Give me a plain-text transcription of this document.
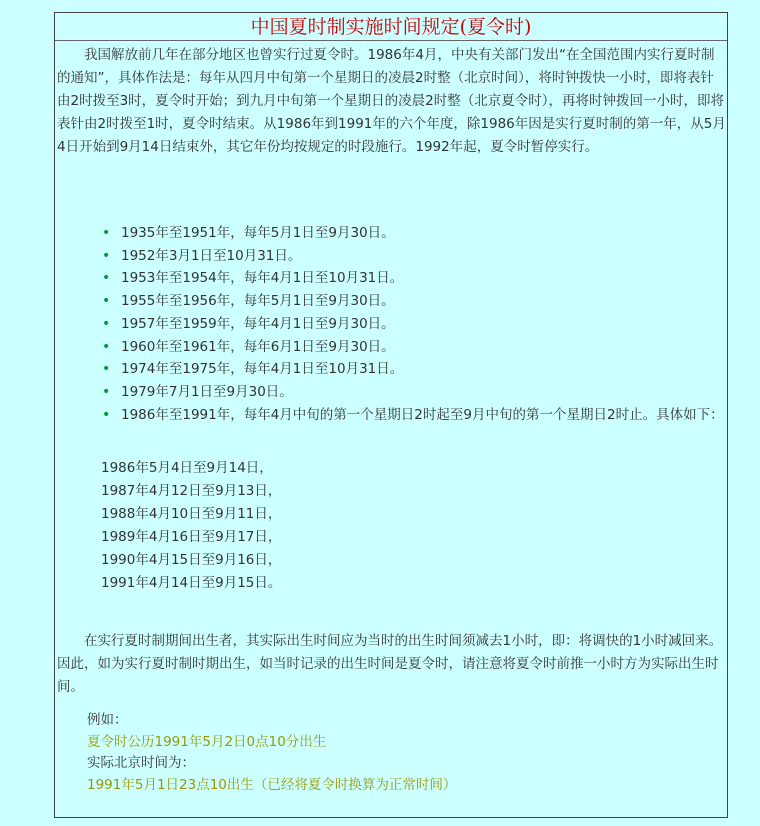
中国夏时制实施时间规定(夏令时)

我国解放前几年在部分地区也曾实行过夏令时。1986年4月，中央有关部门发出“在全国范围内实行夏时制的通知”，具体作法是：每年从四月中旬第一个星期日的凌晨2时整（北京时间），将时钟拨快一小时，即将表针由2时拨至3时，夏令时开始；到九月中旬第一个星期日的凌晨2时整（北京夏令时），再将时钟拨回一小时，即将表针由2时拨至1时，夏令时结束。从1986年到1991年的六个年度，除1986年因是实行夏时制的第一年，从5月4日开始到9月14日结束外，其它年份均按规定的时段施行。1992年起，夏令时暂停实行。

• 1935年至1951年，每年5月1日至9月30日。
• 1952年3月1日至10月31日。
• 1953年至1954年，每年4月1日至10月31日。
• 1955年至1956年，每年5月1日至9月30日。
• 1957年至1959年，每年4月1日至9月30日。
• 1960年至1961年，每年6月1日至9月30日。
• 1974年至1975年，每年4月1日至10月31日。
• 1979年7月1日至9月30日。
• 1986年至1991年，每年4月中旬的第一个星期日2时起至9月中旬的第一个星期日2时止。具体如下：
1986年5月4日至9月14日，
1987年4月12日至9月13日，
1988年4月10日至9月11日，
1989年4月16日至9月17日，
1990年4月15日至9月16日，
1991年4月14日至9月15日。

在实行夏时制期间出生者，其实际出生时间应为当时的出生时间须减去1小时，即：将调快的1小时减回来。因此，如为实行夏时制时期出生，如当时记录的出生时间是夏令时，请注意将夏令时前推一小时方为实际出生时间。

例如：
夏令时公历1991年5月2日0点10分出生
实际北京时间为：
1991年5月1日23点10出生（已经将夏令时换算为正常时间）
